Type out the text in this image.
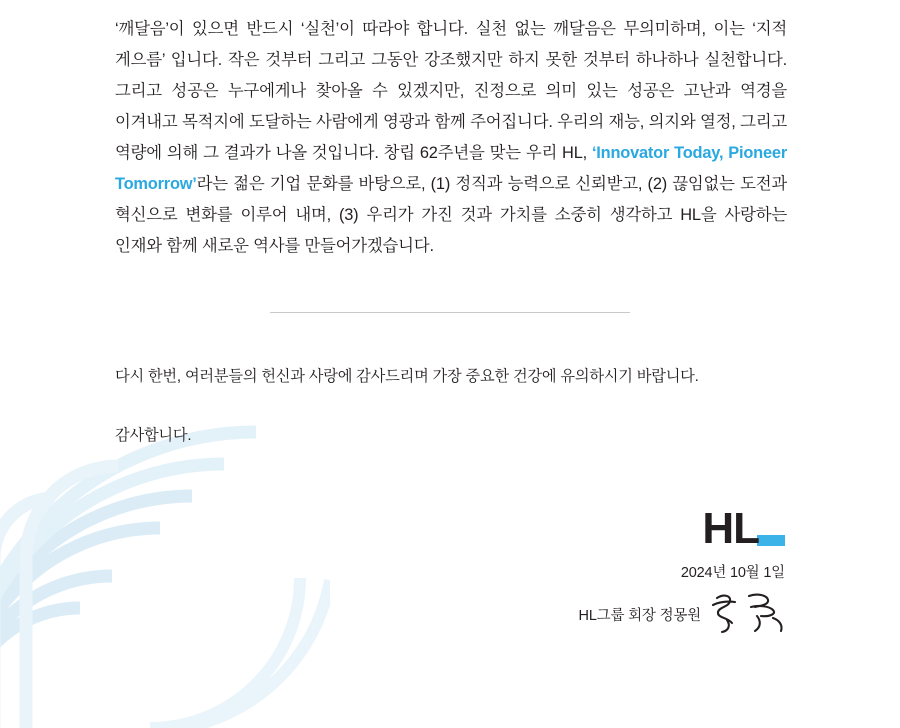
‘깨달음’이 있으면 반드시 ‘실천’이 따라야 합니다. 실천 없는 깨달음은 무의미하며, 이는 ‘지적 게으름’ 입니다. 작은 것부터 그리고 그동안 강조했지만 하지 못한 것부터 하나하나 실천합니다. 그리고 성공은 누구에게나 찾아올 수 있겠지만, 진정으로 의미 있는 성공은 고난과 역경을 이겨내고 목적지에 도달하는 사람에게 영광과 함께 주어집니다. 우리의 재능, 의지와 열정, 그리고 역량에 의해 그 결과가 나올 것입니다. 창립 62주년을 맞는 우리 HL, ‘Innovator Today, Pioneer Tomorrow’라는 젊은 기업 문화를 바탕으로, (1) 정직과 능력으로 신뢰받고, (2) 끊임없는 도전과 혁신으로 변화를 이루어 내며, (3) 우리가 가진 것과 가치를 소중히 생각하고 HL을 사랑하는 인재와 함께 새로운 역사를 만들어가겠습니다.

다시 한번, 여러분들의 헌신과 사랑에 감사드리며 가장 중요한 건강에 유의하시기 바랍니다.

감사합니다.

H L
2024년 10월 1일
HL그룹 회장 정몽원
